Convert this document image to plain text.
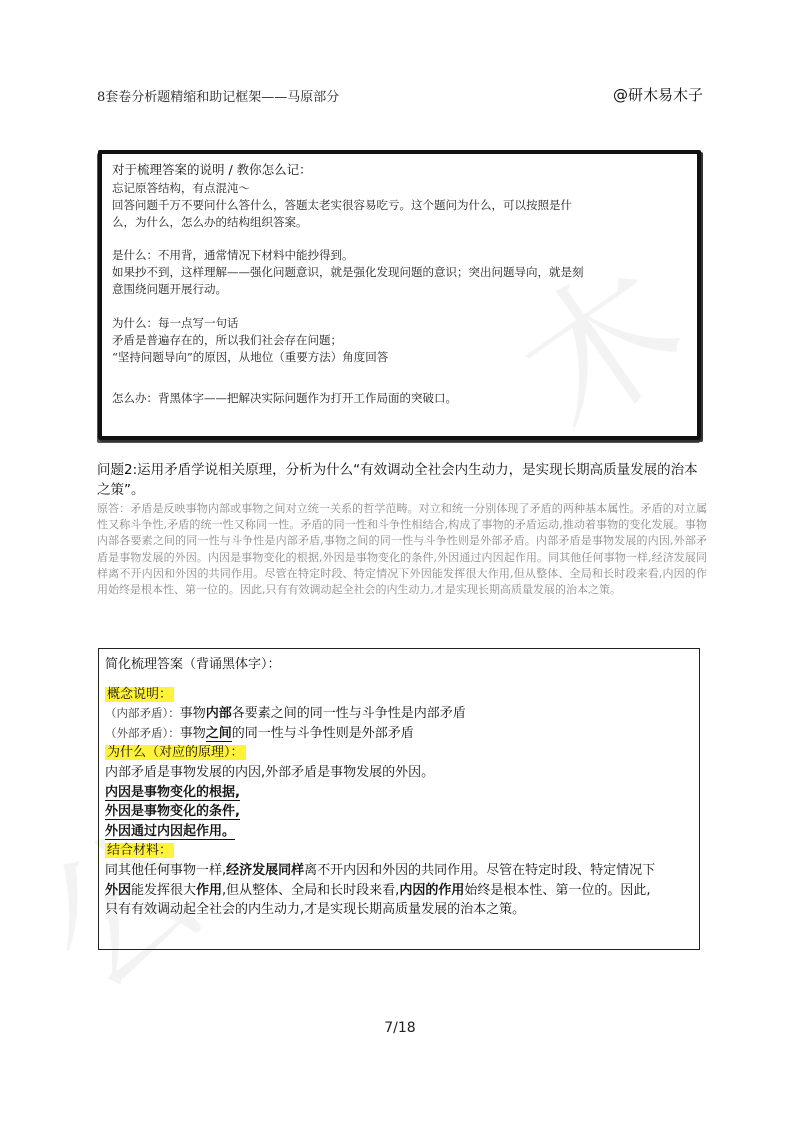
8套卷分析题精缩和助记框架——马原部分	@研木易木子
对于梳理答案的说明 / 教你怎么记：

忘记原答结构，有点混沌～

回答问题千万不要问什么答什么，答题太老实很容易吃亏。这个题问为什么，可以按照是什

么，为什么，怎么办的结构组织答案。

是什么：不用背，通常情况下材料中能抄得到。

如果抄不到，这样理解——强化问题意识，就是强化发现问题的意识；突出问题导向，就是刻

意围绕问题开展行动。

为什么：每一点写一句话

矛盾是普遍存在的，所以我们社会存在问题；

“坚持问题导向”的原因，从地位（重要方法）角度回答

怎么办：背黑体字——把解决实际问题作为打开工作局面的突破口。

问题2:运用矛盾学说相关原理，分析为什么“有效调动全社会内生动力，是实现长期高质量发展的治本之策”。
原答：矛盾是反映事物内部或事物之间对立统一关系的哲学范畴。对立和统一分别体现了矛盾的两种基本属性。矛盾的对立属性又称斗争性,矛盾的统一性又称同一性。矛盾的同一性和斗争性相结合,构成了事物的矛盾运动,推动着事物的变化发展。事物内部各要素之间的同一性与斗争性是内部矛盾,事物之间的同一性与斗争性则是外部矛盾。内部矛盾是事物发展的内因,外部矛盾是事物发展的外因。内因是事物变化的根据,外因是事物变化的条件,外因通过内因起作用。同其他任何事物一样,经济发展同样离不开内因和外因的共同作用。尽管在特定时段、特定情况下外因能发挥很大作用,但从整体、全局和长时段来看,内因的作用始终是根本性、第一位的。因此,只有有效调动起全社会的内生动力,才是实现长期高质量发展的治本之策。
简化梳理答案（背诵黑体字）：
概念说明：
（内部矛盾）：事物内部各要素之间的同一性与斗争性是内部矛盾
（外部矛盾）：事物之间的同一性与斗争性则是外部矛盾
为什么（对应的原理）：
内部矛盾是事物发展的内因,外部矛盾是事物发展的外因。
内因是事物变化的根据,
外因是事物变化的条件,
外因通过内因起作用。
结合材料：
同其他任何事物一样,经济发展同样离不开内因和外因的共同作用。尽管在特定时段、特定情况下
外因能发挥很大作用,但从整体、全局和长时段来看,内因的作用始终是根本性、第一位的。因此,
只有有效调动起全社会的内生动力,才是实现长期高质量发展的治本之策。
7/18
